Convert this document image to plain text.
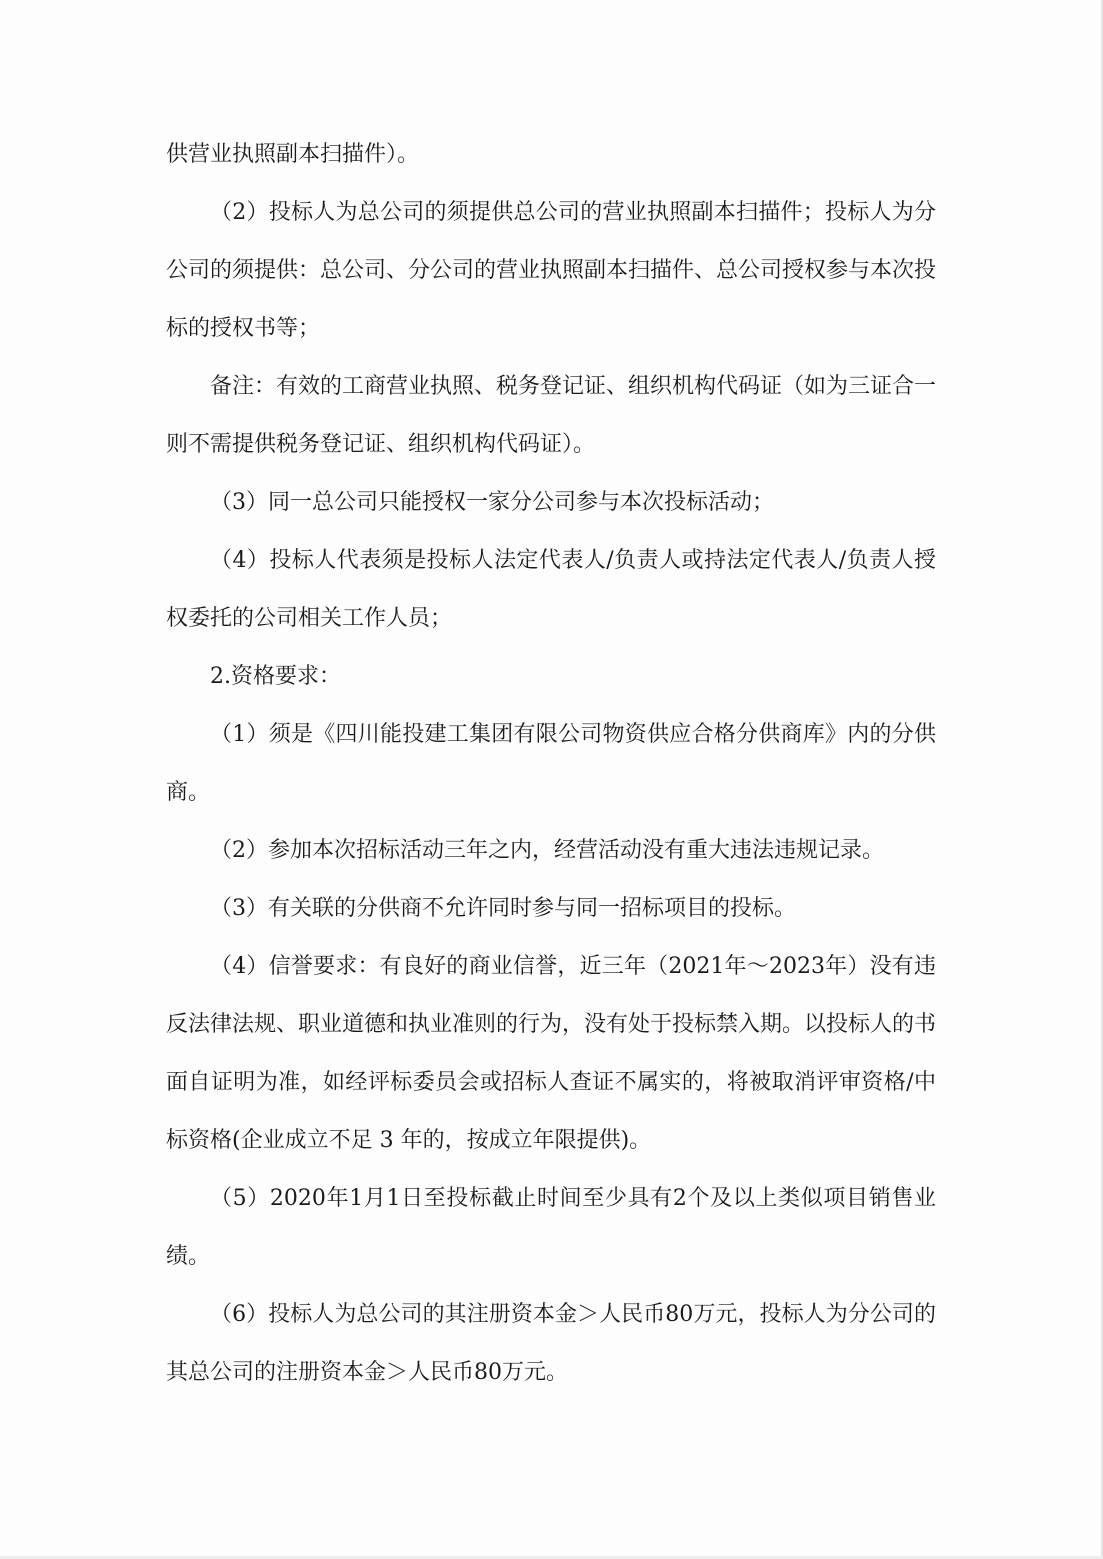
供营业执照副本扫描件）。

（2）投标人为总公司的须提供总公司的营业执照副本扫描件；投标人为分公司的须提供：总公司、分公司的营业执照副本扫描件、总公司授权参与本次投标的授权书等；

备注：有效的工商营业执照、税务登记证、组织机构代码证（如为三证合一则不需提供税务登记证、组织机构代码证）。

（3）同一总公司只能授权一家分公司参与本次投标活动；

（4）投标人代表须是投标人法定代表人/负责人或持法定代表人/负责人授权委托的公司相关工作人员；

2.资格要求：

（1）须是《四川能投建工集团有限公司物资供应合格分供商库》内的分供商。

（2）参加本次招标活动三年之内，经营活动没有重大违法违规记录。

（3）有关联的分供商不允许同时参与同一招标项目的投标。

（4）信誉要求：有良好的商业信誉，近三年（2021年～2023年）没有违反法律法规、职业道德和执业准则的行为，没有处于投标禁入期。以投标人的书面自证明为准，如经评标委员会或招标人查证不属实的，将被取消评审资格/中标资格(企业成立不足 3 年的，按成立年限提供)。

（5）2020年1月1日至投标截止时间至少具有2个及以上类似项目销售业绩。

（6）投标人为总公司的其注册资本金＞人民币80万元，投标人为分公司的其总公司的注册资本金＞人民币80万元。
